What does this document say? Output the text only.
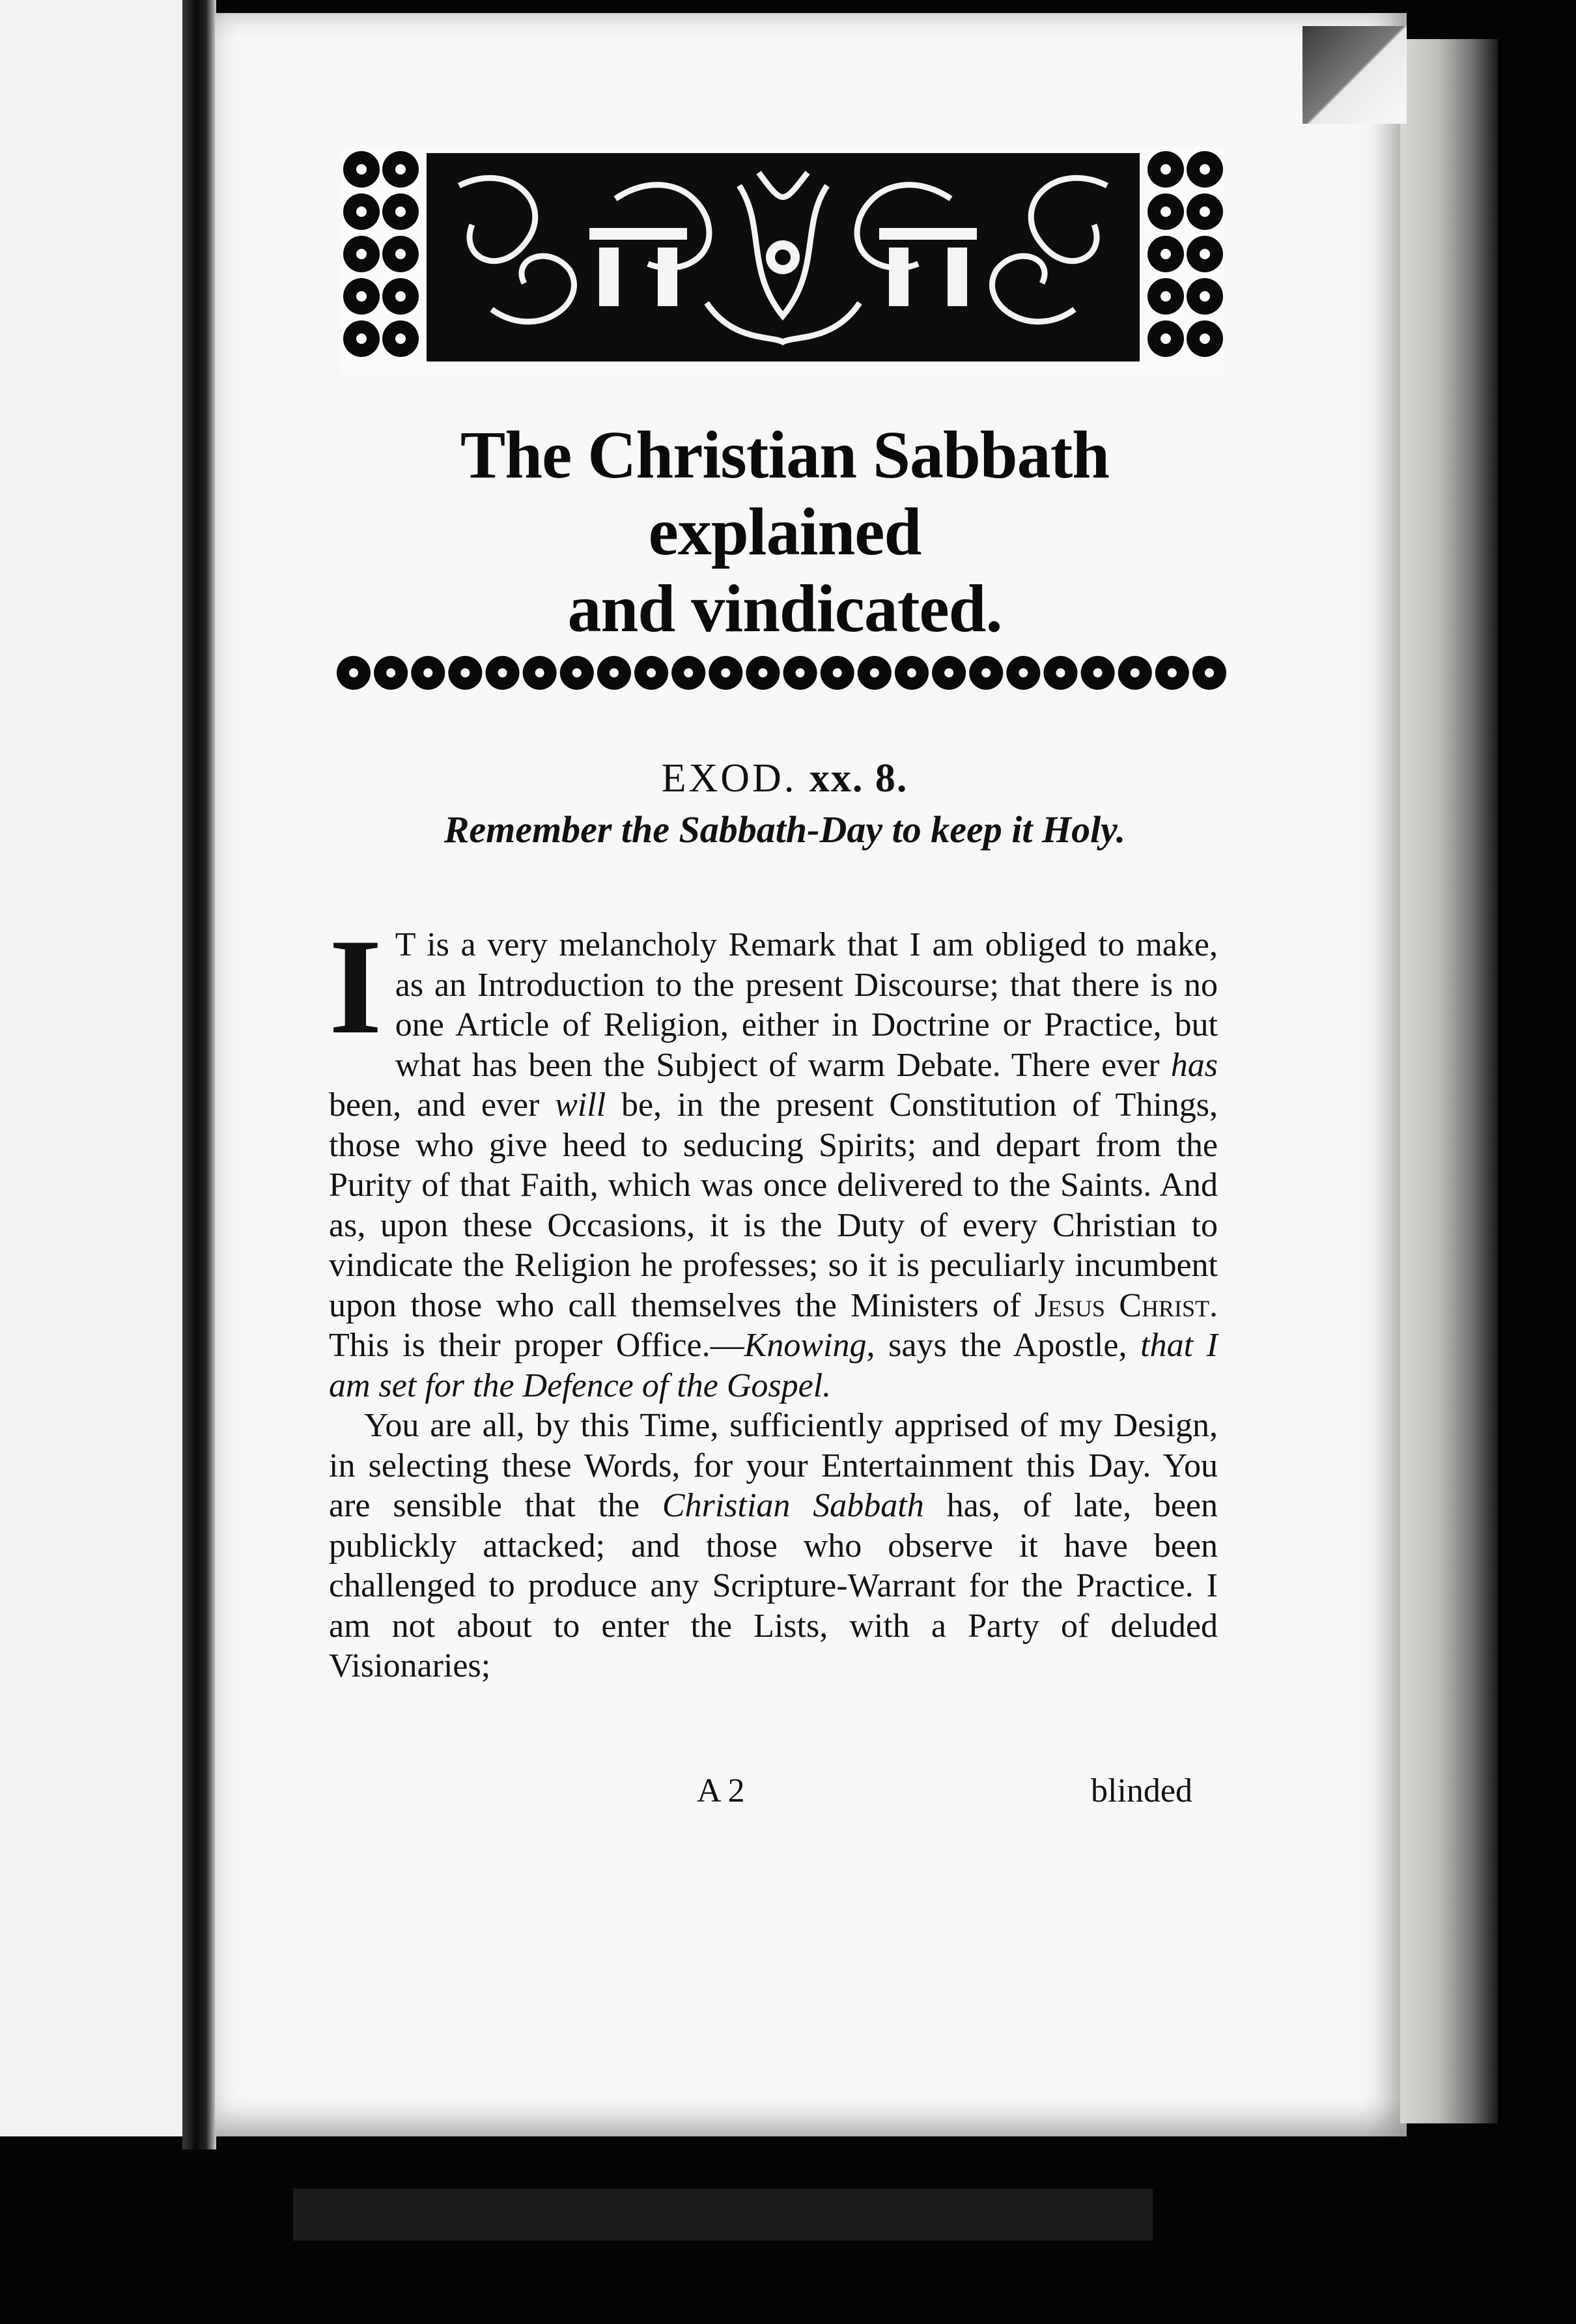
The Christian Sabbath explained
and vindicated.
EXOD. xx. 8.
Remember the Sabbath-Day to keep it Holy.

I T is a very melancholy Remark that I am obliged to make, as an Introduction to the present Discourse; that there is no one Article of Religion, either in Doctrine or Practice, but what has been the Subject of warm Debate. There ever has been, and ever will be, in the present Constitution of Things, those who give heed to seducing Spirits; and depart from the Purity of that Faith, which was once delivered to the Saints. And as, upon these Occasions, it is the Duty of every Christian to vindicate the Religion he professes; so it is peculiarly incumbent upon those who call themselves the Ministers of Jesus Christ. This is their proper Office.—Knowing, says the Apostle, that I am set for the Defence of the Gospel.

You are all, by this Time, sufficiently apprised of my Design, in selecting these Words, for your Entertainment this Day. You are sensible that the Christian Sabbath has, of late, been publickly attacked; and those who observe it have been challenged to produce any Scripture-Warrant for the Practice. I am not about to enter the Lists, with a Party of deluded Visionaries;

A 2	blinded
